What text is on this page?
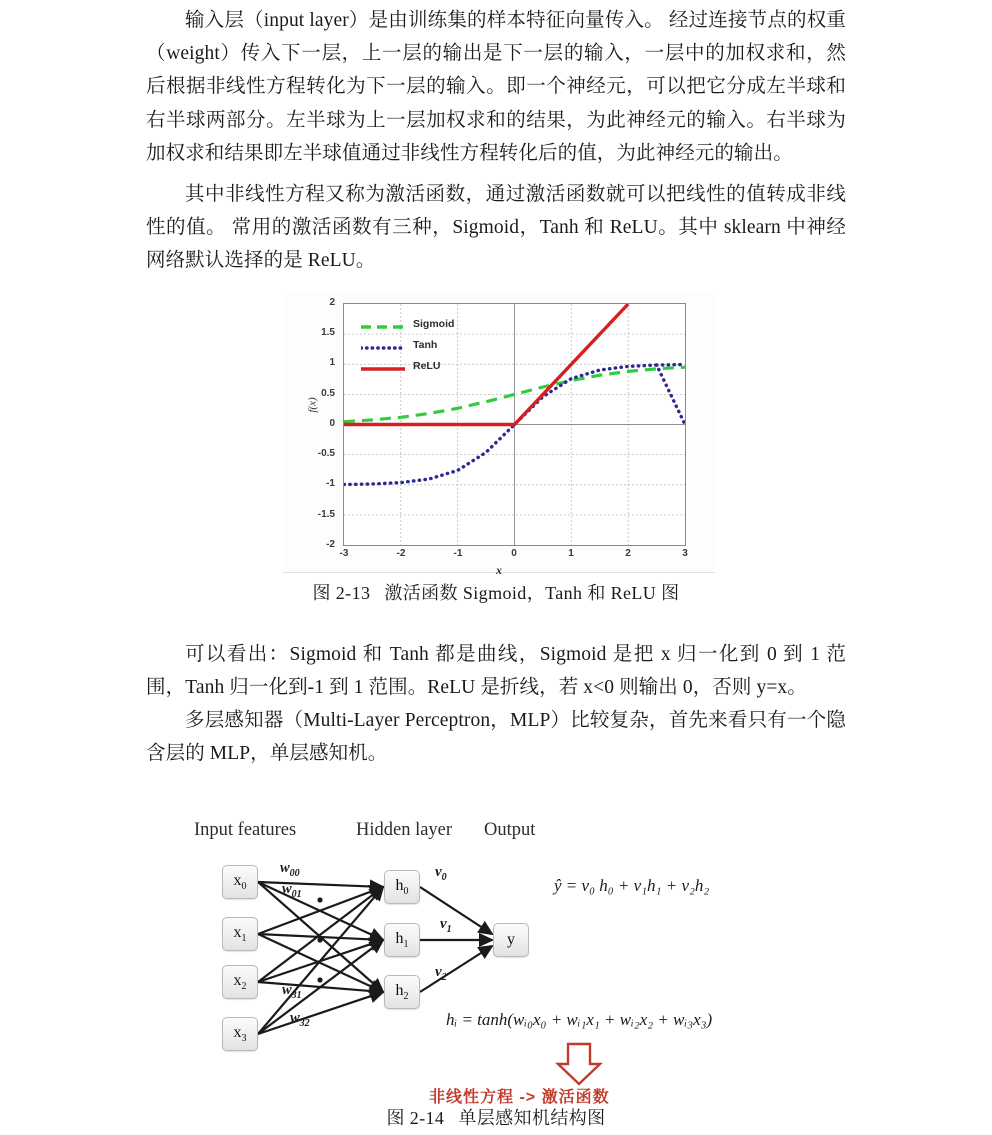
输入层（input layer）是由训练集的样本特征向量传入。 经过连接节点的权重（weight）传入下一层，上一层的输出是下一层的输入，一层中的加权求和，然后根据非线性方程转化为下一层的输入。即一个神经元，可以把它分成左半球和右半球两部分。左半球为上一层加权求和的结果，为此神经元的输入。右半球为加权求和结果即左半球值通过非线性方程转化后的值，为此神经元的输出。

其中非线性方程又称为激活函数，通过激活函数就可以把线性的值转成非线性的值。 常用的激活函数有三种，Sigmoid，Tanh 和 ReLU。其中 sklearn 中神经网络默认选择的是 ReLU。

2
1.5
1
0.5
0
-0.5
-1
-1.5
-2
-3	-2	-1	0	1	2	3
f(x)
x
Sigmoid
Tanh
ReLU
图 2-13 激活函数 Sigmoid，Tanh 和 ReLU 图

可以看出：Sigmoid 和 Tanh 都是曲线，Sigmoid 是把 x 归一化到 0 到 1 范围，Tanh 归一化到-1 到 1 范围。ReLU 是折线，若 x<0 则输出 0，否则 y=x。

多层感知器（Multi-Layer Perceptron，MLP）比较复杂，首先来看只有一个隐含层的 MLP，单层感知机。

Input features	Hidden layer Output
$x_0$
$x_1$
$x_2$
$x_3$
$h_0$
$h_1$
$h_2$
y
$w_{00}$
$w_{01}$
$w_{31}$
$w_{32}$
$v_0$
$v_1$
$v_2$
ŷ = v₀ h₀ + v₁h₁ + v₂h₂
hᵢ = tanh(wᵢ₀x₀ + wᵢ₁x₁ + wᵢ₂x₂ + wᵢ₃x₃)
非线性方程 -> 激活函数
图 2-14 单层感知机结构图
